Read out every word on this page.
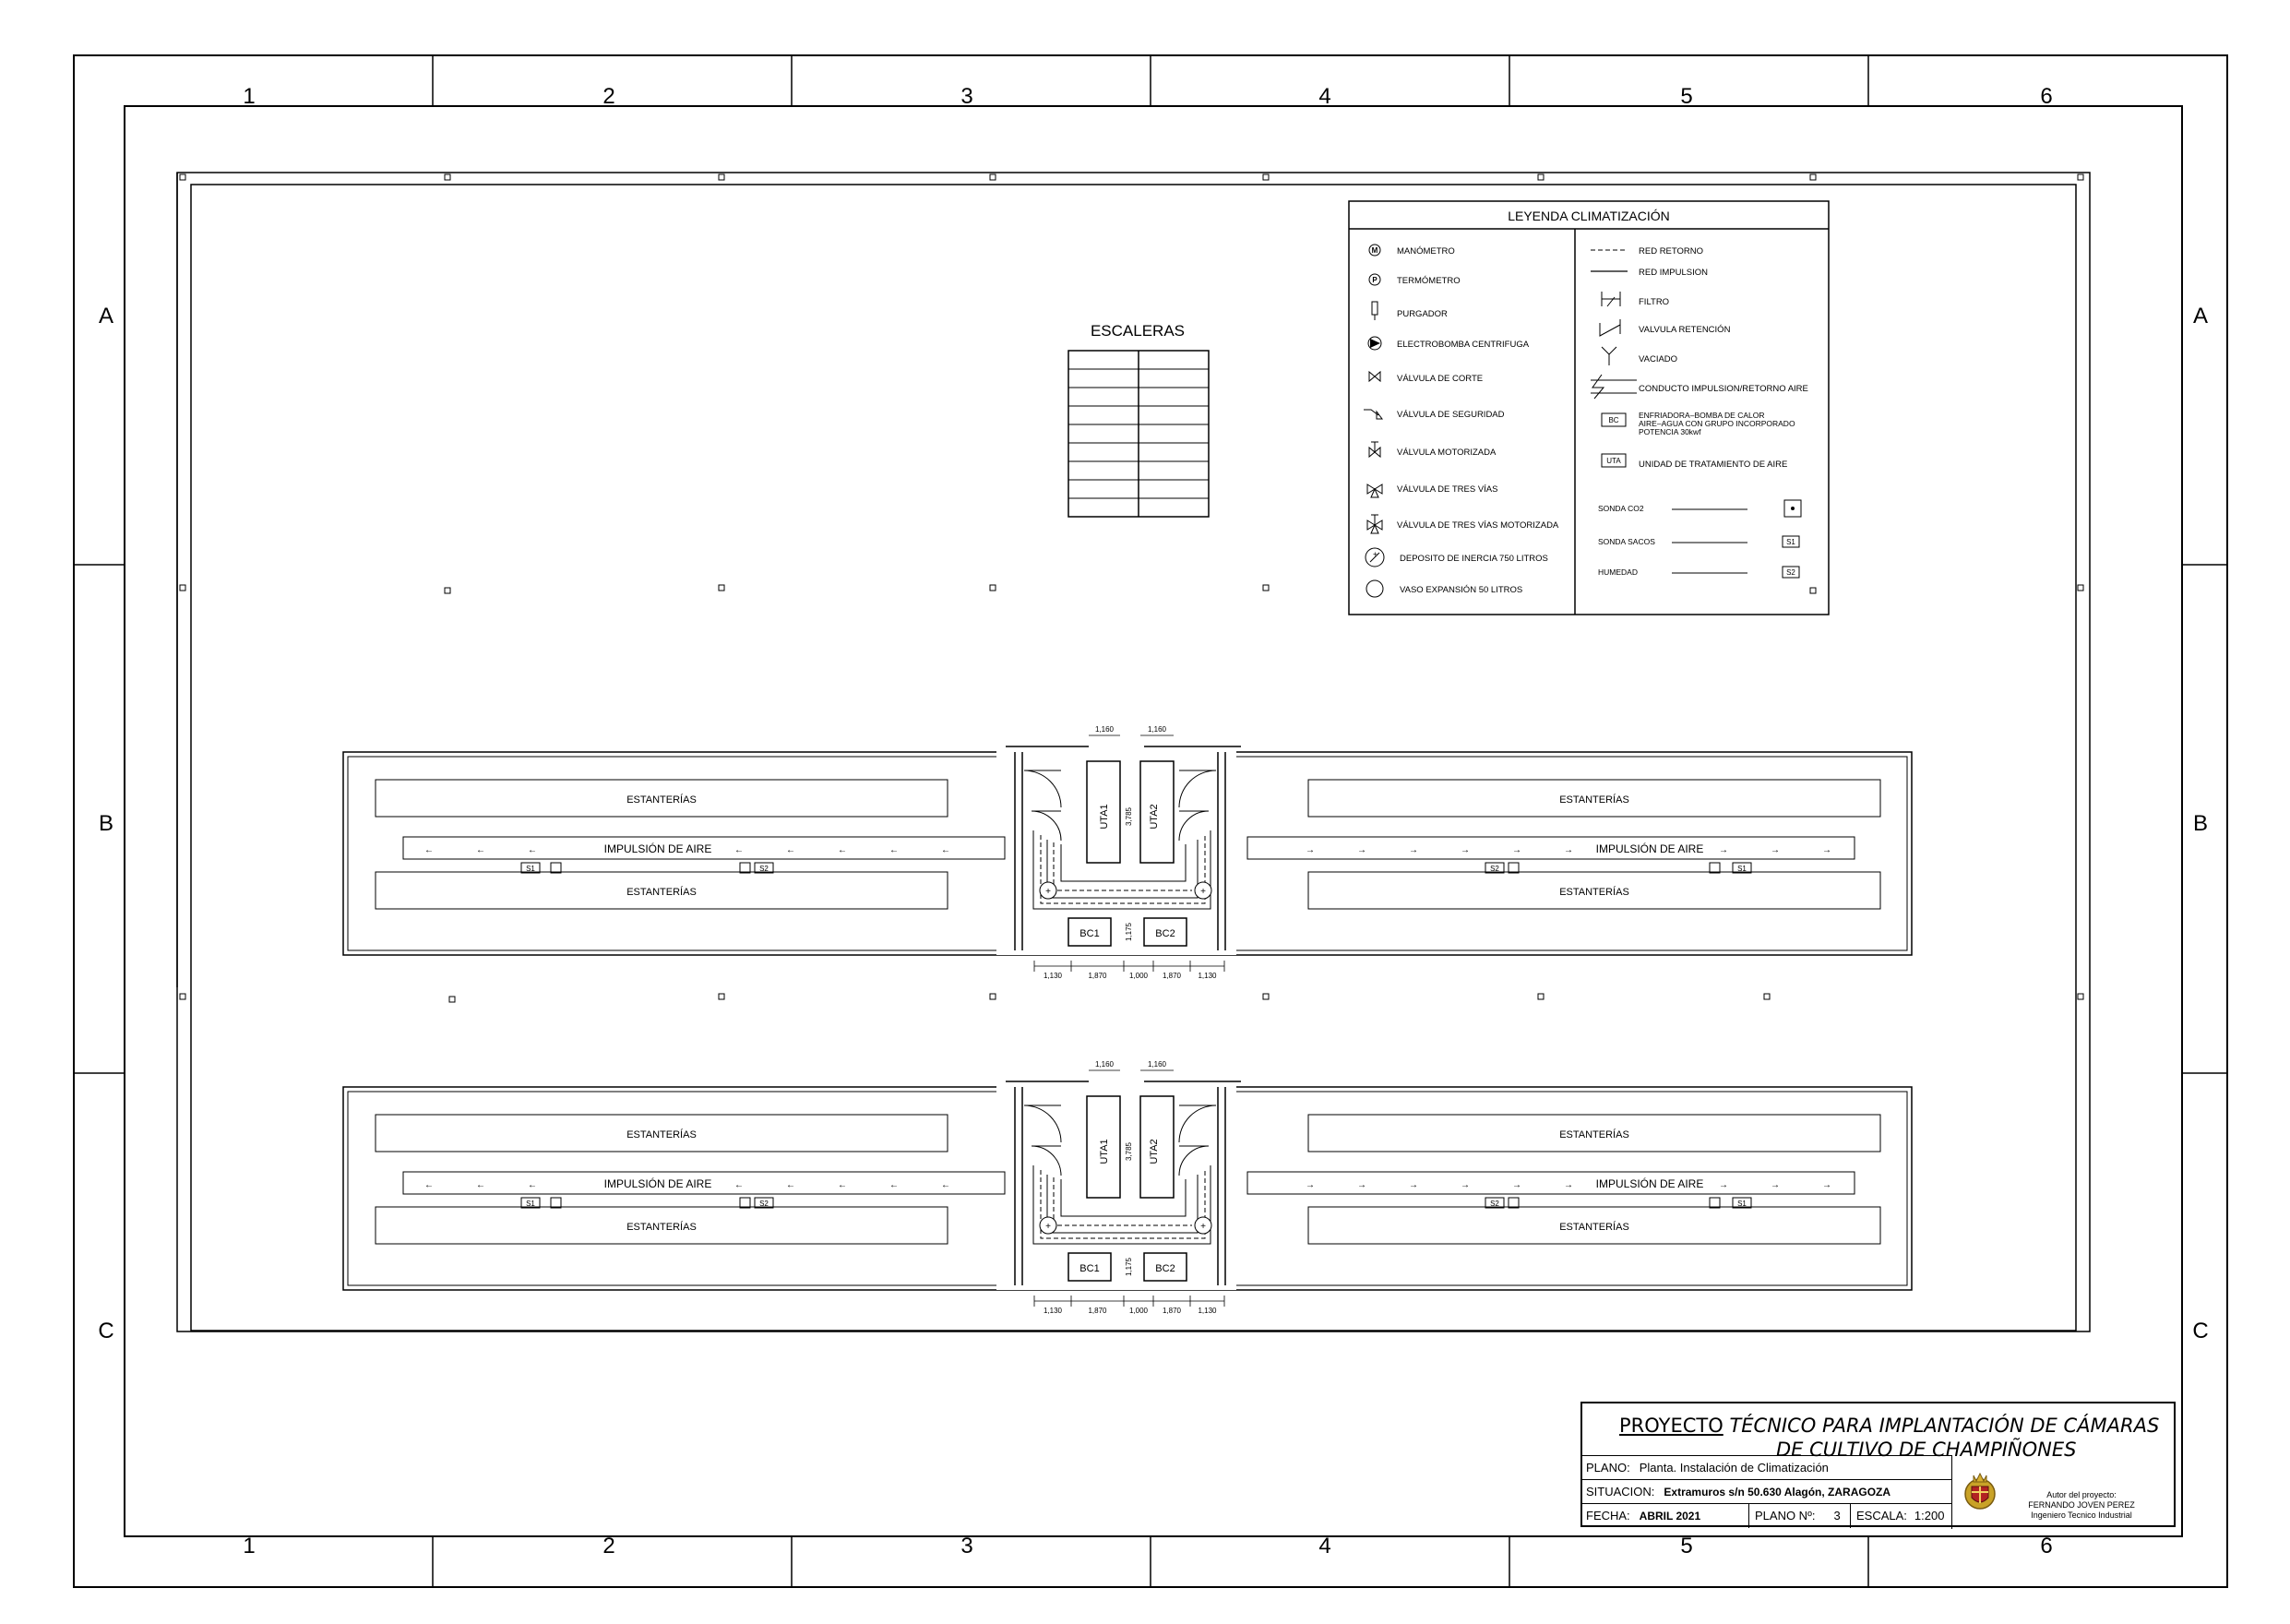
1
1
2
2
3
3
4
4
5
5
6
6
A	A
B	B
C	C
ESCALERAS
LEYENDA CLIMATIZACIÓN
M MANÓMETRO
P TERMÓMETRO
PURGADOR
ELECTROBOMBA CENTRIFUGA
VÁLVULA DE CORTE
VÁLVULA DE SEGURIDAD
VÁLVULA MOTORIZADA
VÁLVULA DE TRES VÍAS
VÁLVULA DE TRES VÍAS MOTORIZADA
+	DEPOSITO DE INERCIA 750 LITROS
VASO EXPANSIÓN 50 LITROS
RED RETORNO
RED IMPULSION
FILTRO
VALVULA RETENCIÓN
VACIADO
CONDUCTO IMPULSION/RETORNO AIRE
BC
ENFRIADORA–BOMBA DE CALOR
AIRE–AGUA CON GRUPO INCORPORADO
POTENCIA 30kwf
UTA UNIDAD DE TRATAMIENTO DE AIRE
SONDA CO2
SONDA SACOS	S1
HUMEDAD	S2
ESTANTERÍAS
ESTANTERÍAS
ESTANTERÍAS
ESTANTERÍAS
IMPULSIÓN DE AIRE	IMPULSIÓN DE AIRE
←	←	←	←	←	←	←	←	→	→	→	→	→	→	→	→	→
S1	S2	S2	S1
UTA1	UTA2
3,785
1,160	1,160
+	+
BC1	BC2
1,175
1,130	1,870	1,000 1,870 1,130
ESTANTERÍAS
ESTANTERÍAS
ESTANTERÍAS
ESTANTERÍAS
IMPULSIÓN DE AIRE	IMPULSIÓN DE AIRE
←	←	←	←	←	←	←	←	→	→	→	→	→	→	→	→	→
S1	S2	S2	S1
UTA1	UTA2
3,785
1,160	1,160
+	+
BC1	BC2
1,175
1,130	1,870	1,000 1,870 1,130
PROYECTO TÉCNICO PARA IMPLANTACIÓN DE CÁMARAS
DE CULTIVO DE CHAMPIÑONES
PLANO: Planta. Instalación de Climatización
SITUACION: Extramuros s/n 50.630 Alagón, ZARAGOZA
FECHA: ABRIL 2021	PLANO Nº: 3	ESCALA: 1:200
Autor del proyecto:
FERNANDO JOVEN PEREZ
Ingeniero Tecnico Industrial
